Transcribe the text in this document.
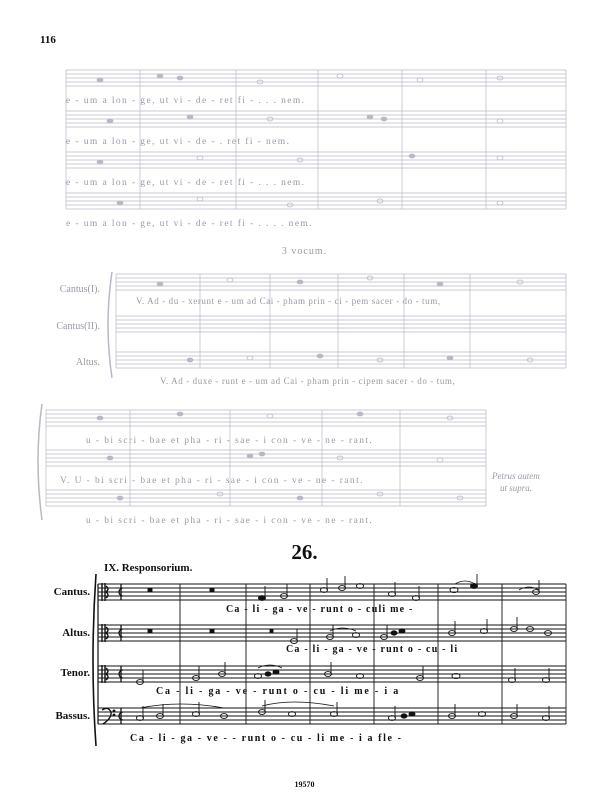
116
e - um a lon - ge, ut vi - de - ret fi - . . . nem.
e - um a lon - ge, ut vi - de - . ret fi - nem.
e - um a lon - ge, ut vi - de - ret fi - . . . nem.
e - um a lon - ge, ut vi - de - ret fi - . . . . nem.
3 vocum.
Cantus(I).
Cantus(II).
Altus.
V. Ad - du - xerunt e - um ad Cai - pham prin - ci - pem sacer - do - tum,
V. Ad - duxe - runt e - um ad Cai - pham prin - cipem sacer - do - tum,
u - bi scri - bae et pha - ri - sae - i con - ve - ne - rant.
V. U - bi scri - bae et pha - ri - sae - i con - ve - ne - rant.
u - bi scri - bae et pha - ri - sae - i con - ve - ne - rant.
Petrus autem
ut supra.
26.
IX. Responsorium.
Cantus.
Altus.
Tenor.
Bassus.
Ca - li - ga - ve - runt o - culi me -
Ca - li - ga - ve - runt o - cu - li
Ca - li - ga - ve - runt o - cu - li me - i a
Ca - li - ga - ve - - runt o - cu - li me - i a fle -
19570
